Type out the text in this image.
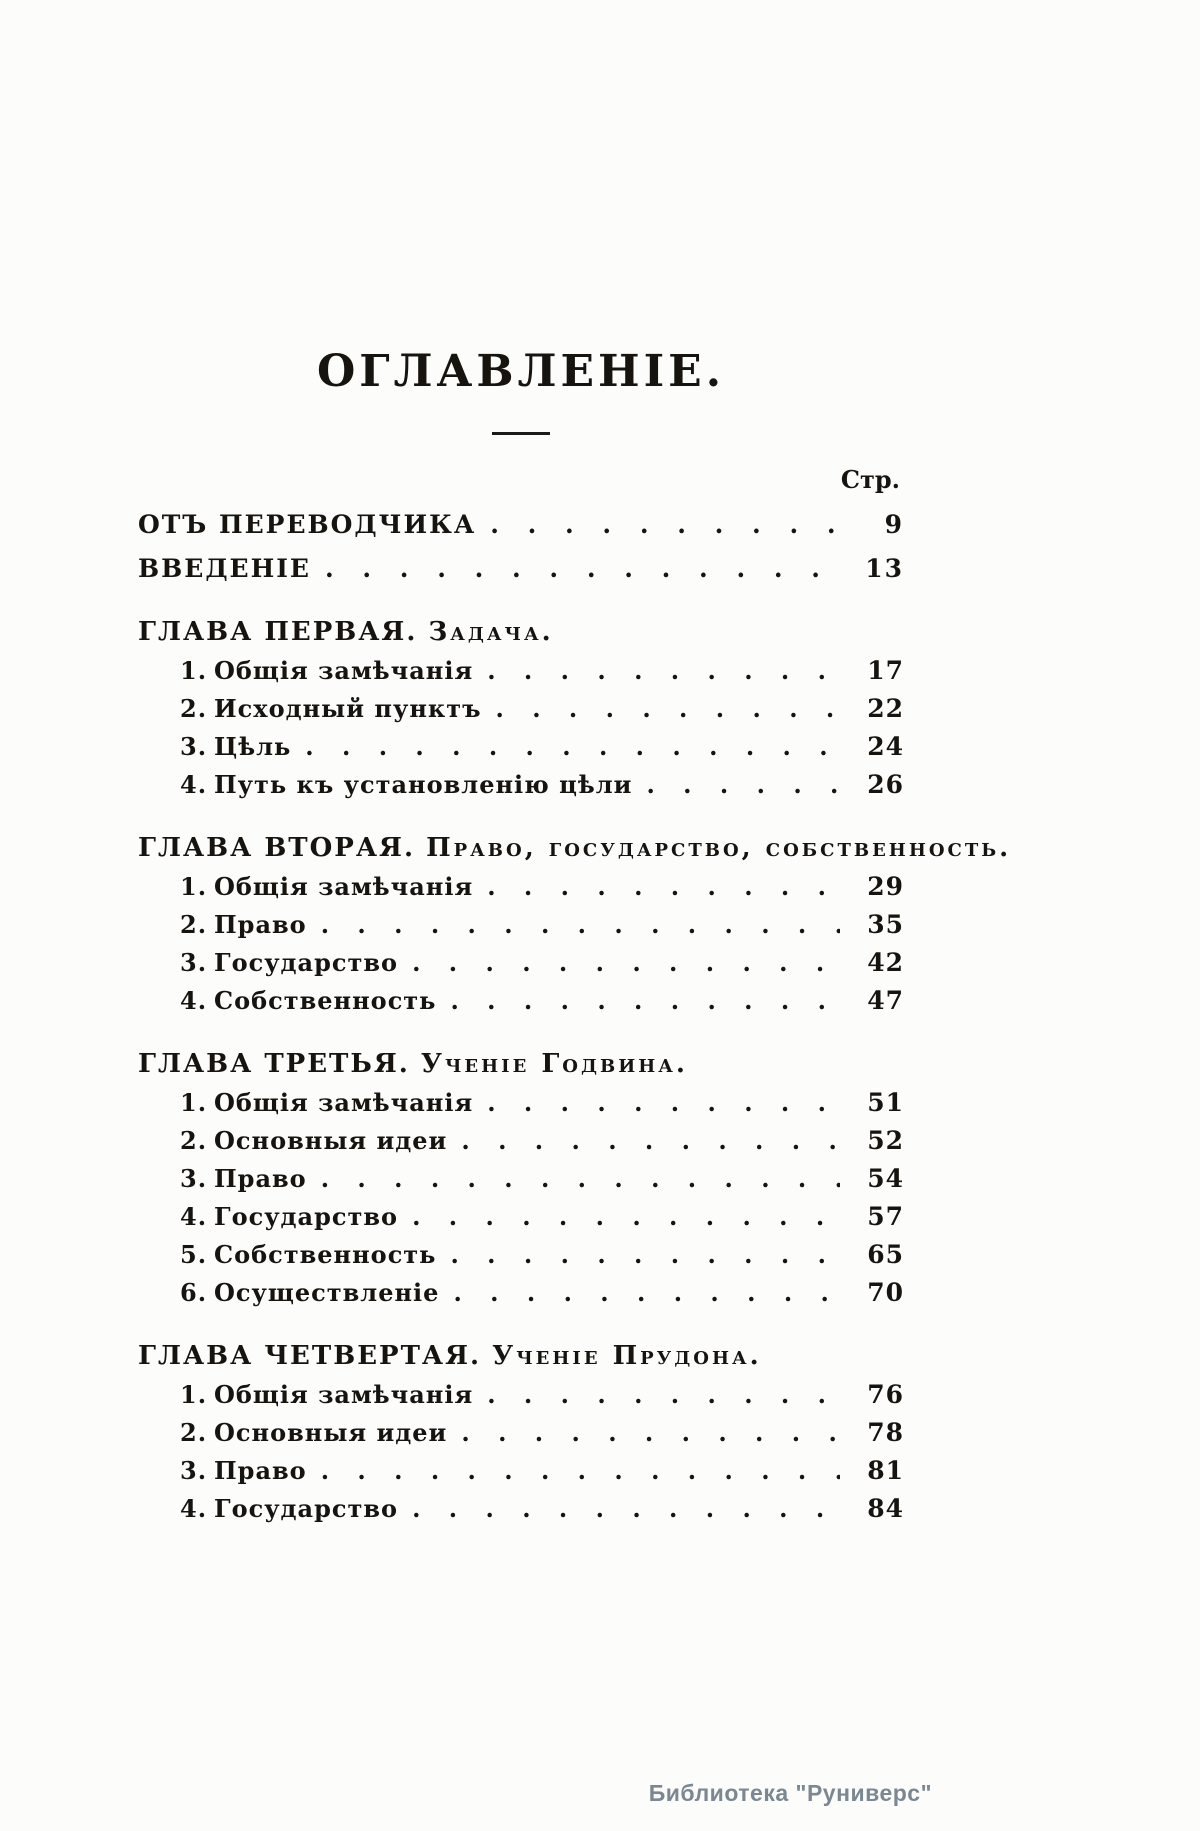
ОГЛАВЛЕНІЕ.
Стр.
ОТЪ ПЕРЕВОДЧИКА . . .	9
ВВЕДЕНІЕ . . .	13
ГЛАВА ПЕРВАЯ. Задача.
1. Общія замѣчанія . . .	17
2. Исходный пунктъ . . .	22
3. Цѣль . . .	24
4. Путь къ установленію цѣли . . .	26
ГЛАВА ВТОРАЯ. Право, государство, собственность.
1. Общія замѣчанія . . .	29
2. Право . . .	35
3. Государство . . .	42
4. Собственность . . .	47
ГЛАВА ТРЕТЬЯ. Ученіе Годвина.
1. Общія замѣчанія . . .	51
2. Основныя идеи . . .	52
3. Право . . .	54
4. Государство . . .	57
5. Собственность . . .	65
6. Осуществленіе . . .	70
ГЛАВА ЧЕТВЕРТАЯ. Ученіе Прудона.
1. Общія замѣчанія . . .	76
2. Основныя идеи . . .	78
3. Право . . .	81
4. Государство . . .	84
Библиотека "Руниверс"
